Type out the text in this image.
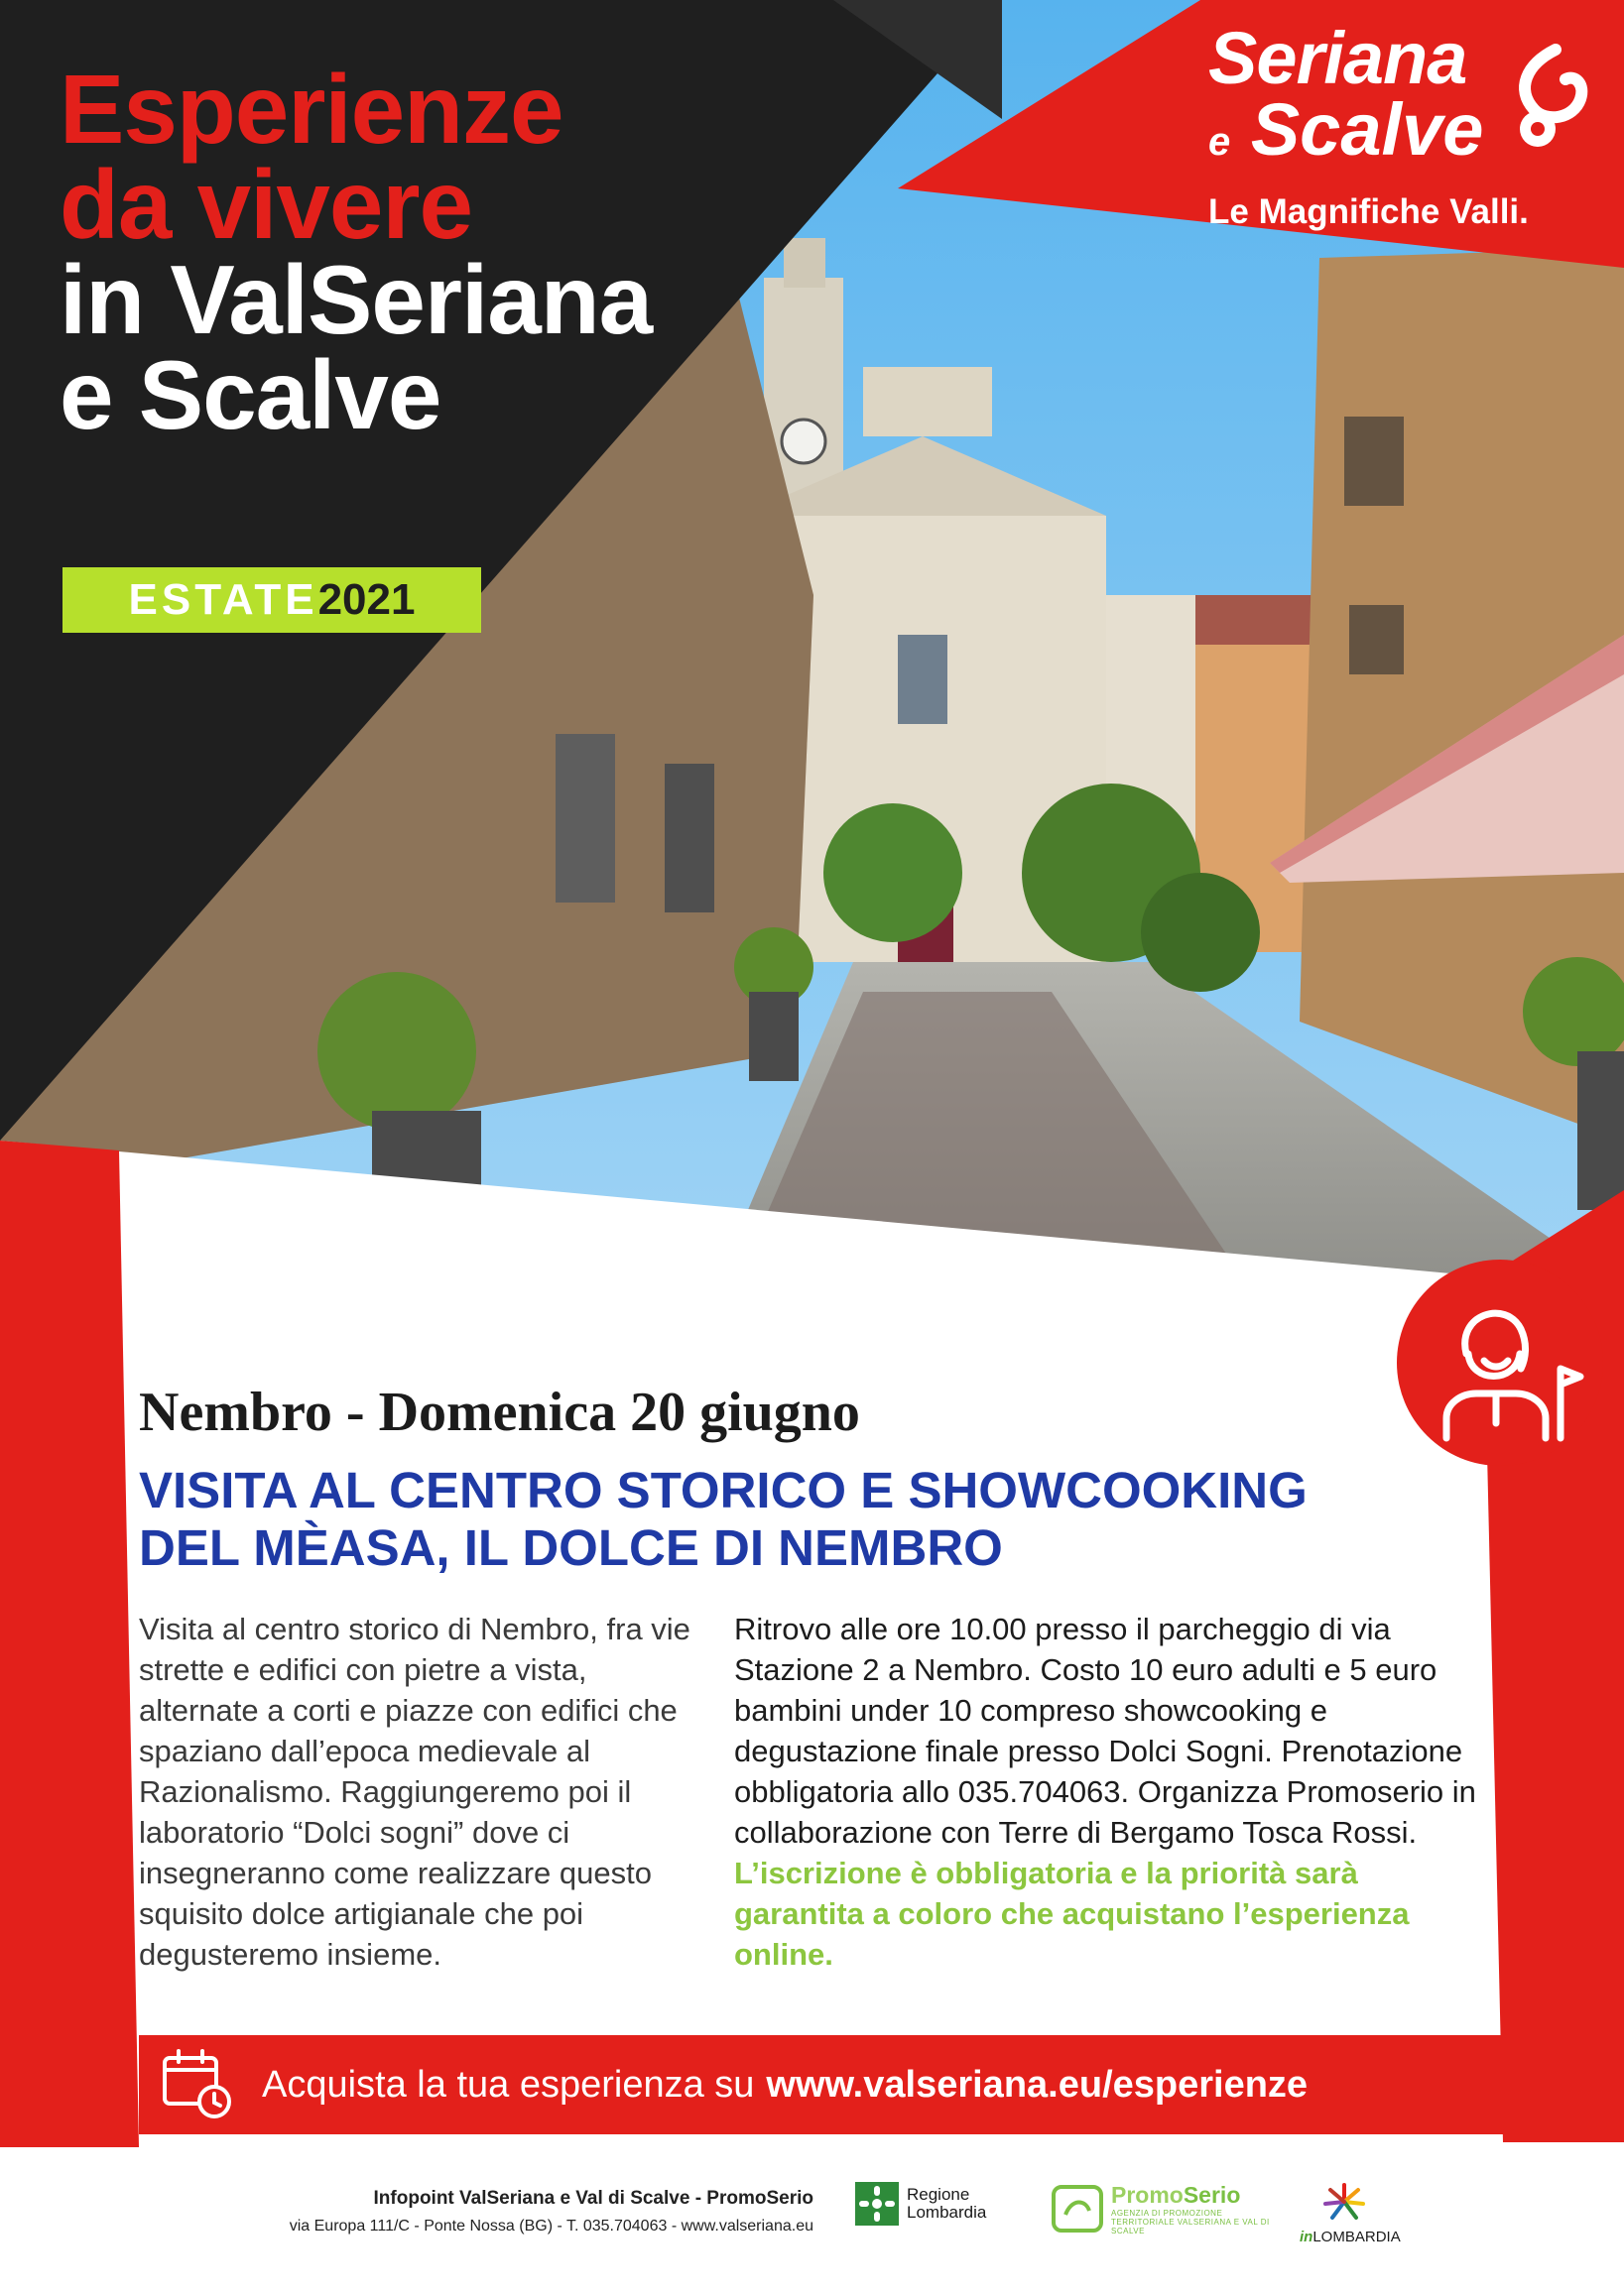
Esperienze
da vivere
in ValSeriana
e Scalve
ESTATE 2021
Seriana
e Scalve
Le Magnifiche Valli.
Nembro - Domenica 20 giugno
VISITA AL CENTRO STORICO E SHOWCOOKING
DEL MÈASA, IL DOLCE DI NEMBRO
Visita al centro storico di Nembro, fra vie strette e edifici con pietre a vista, alternate a corti e piazze con edifici che spaziano dall’epoca medievale al Razionalismo. Raggiungeremo poi il laboratorio “Dolci sogni” dove ci insegneranno come realizzare questo squisito dolce artigianale che poi degusteremo insieme.
Ritrovo alle ore 10.00 presso il parcheggio di via Stazione 2 a Nembro. Costo 10 euro adulti e 5 euro bambini under 10 compreso showcooking e degustazione finale presso Dolci Sogni. Prenotazione obbligatoria allo 035.704063. Organizza Promoserio in collaborazione con Terre di Bergamo Tosca Rossi. L’iscrizione è obbligatoria e la priorità sarà garantita a coloro che acquistano l’esperienza online.
Acquista la tua esperienza su www.valseriana.eu/esperienze
Infopoint ValSeriana e Val di Scalve - PromoSerio
via Europa 111/C - Ponte Nossa (BG) - T. 035.704063 - www.valseriana.eu
Regione
Lombardia
PromoSerio
AGENZIA DI PROMOZIONE TERRITORIALE VALSERIANA E VAL DI SCALVE	inLOMBARDIA
